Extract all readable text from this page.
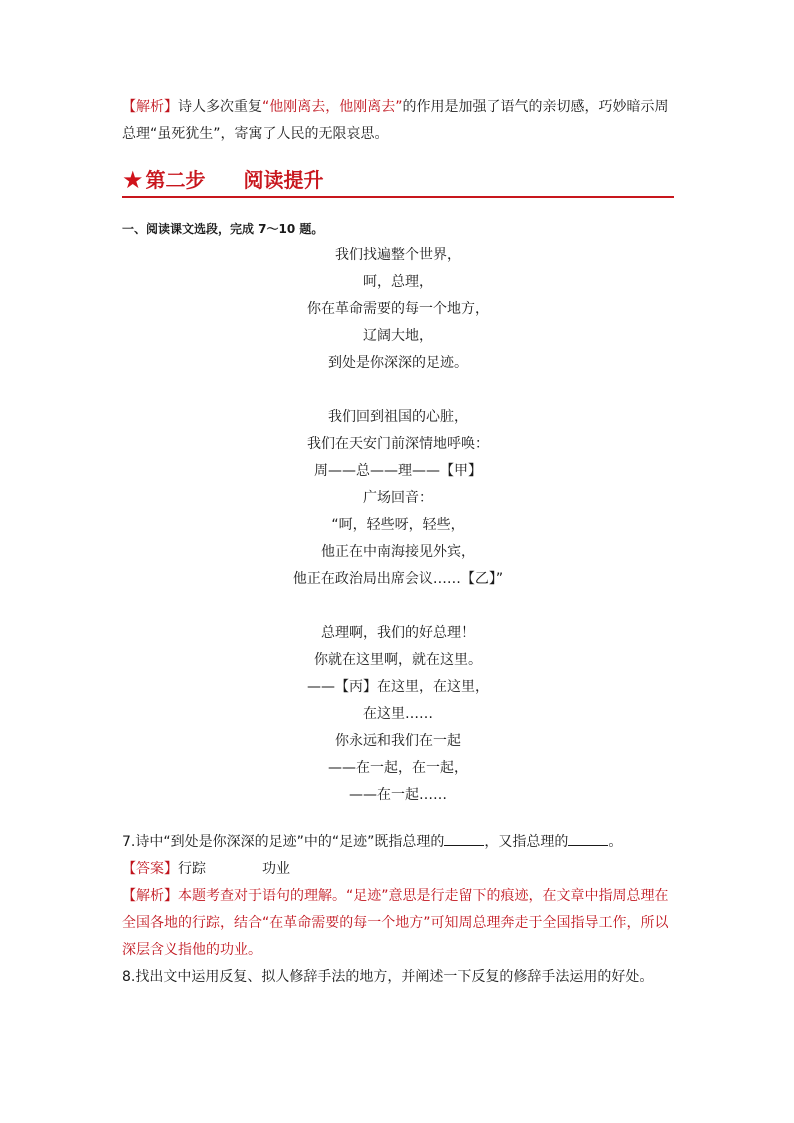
【解析】诗人多次重复“他刚离去，他刚离去”的作用是加强了语气的亲切感，巧妙暗示周

总理“虽死犹生”，寄寓了人民的无限哀思。

★ 第二步 阅读提升
一、阅读课文选段，完成 7～10 题。
我们找遍整个世界，
呵，总理，
你在革命需要的每一个地方，
辽阔大地，
到处是你深深的足迹。
我们回到祖国的心脏，
我们在天安门前深情地呼唤：
周——总——理——【甲】
广场回音：
“呵，轻些呀，轻些，
他正在中南海接见外宾，
他正在政治局出席会议……【乙】”
总理啊，我们的好总理！
你就在这里啊，就在这里。
——【丙】在这里，在这里，
在这里……
你永远和我们在一起
——在一起，在一起，
——在一起……

7.诗中“到处是你深深的足迹”中的“足迹”既指总理的	，又指总理的	。

【答案】行踪	功业

【解析】本题考查对于语句的理解。“足迹”意思是行走留下的痕迹，在文章中指周总理在

全国各地的行踪，结合“在革命需要的每一个地方”可知周总理奔走于全国指导工作，所以

深层含义指他的功业。

8.找出文中运用反复、拟人修辞手法的地方，并阐述一下反复的修辞手法运用的好处。
